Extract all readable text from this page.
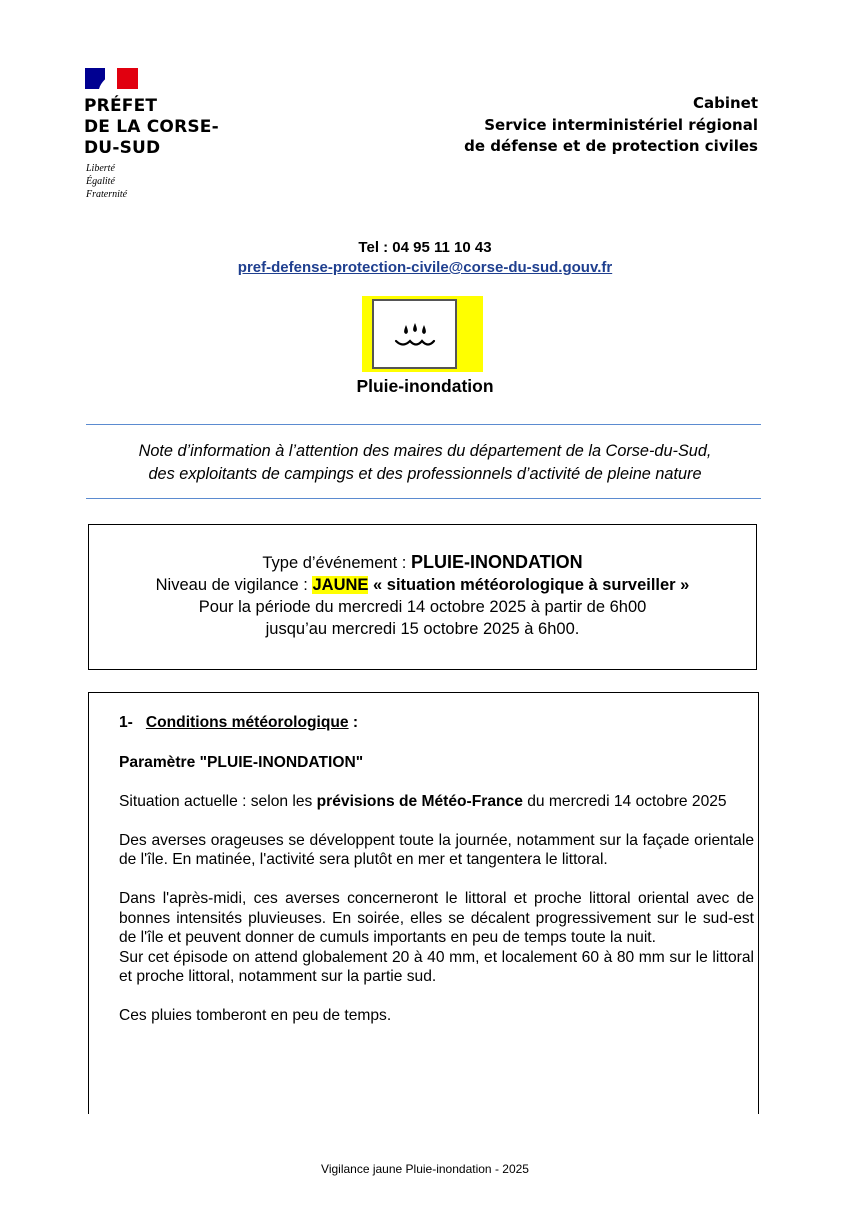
PRÉFET
DE LA CORSE-
DU-SUD
Liberté
Égalité
Fraternité
Cabinet
Service interministériel régional
de défense et de protection civiles
Tel : 04 95 11 10 43
pref-defense-protection-civile@corse-du-sud.gouv.fr
Pluie-inondation
Note d’information à l’attention des maires du département de la Corse-du-Sud,
des exploitants de campings et des professionnels d’activité de pleine nature
Type d’événement : PLUIE-INONDATION
Niveau de vigilance : JAUNE « situation météorologique à surveiller »
Pour la période du mercredi 14 octobre 2025 à partir de 6h00
jusqu’au mercredi 15 octobre 2025 à 6h00.

1- Conditions météorologique :

Paramètre "PLUIE-INONDATION"

Situation actuelle : selon les prévisions de Météo-France du mercredi 14 octobre 2025

Des averses orageuses se développent toute la journée, notamment sur la façade orientale de l'île. En matinée, l'activité sera plutôt en mer et tangentera le littoral.

Dans l'après-midi, ces averses concerneront le littoral et proche littoral oriental avec de bonnes intensités pluvieuses. En soirée, elles se décalent progressivement sur le sud-est de l'île et peuvent donner de cumuls importants en peu de temps toute la nuit.

Sur cet épisode on attend globalement 20 à 40 mm, et localement 60 à 80 mm sur le littoral et proche littoral, notamment sur la partie sud.

Ces pluies tomberont en peu de temps.

Vigilance jaune Pluie-inondation - 2025
